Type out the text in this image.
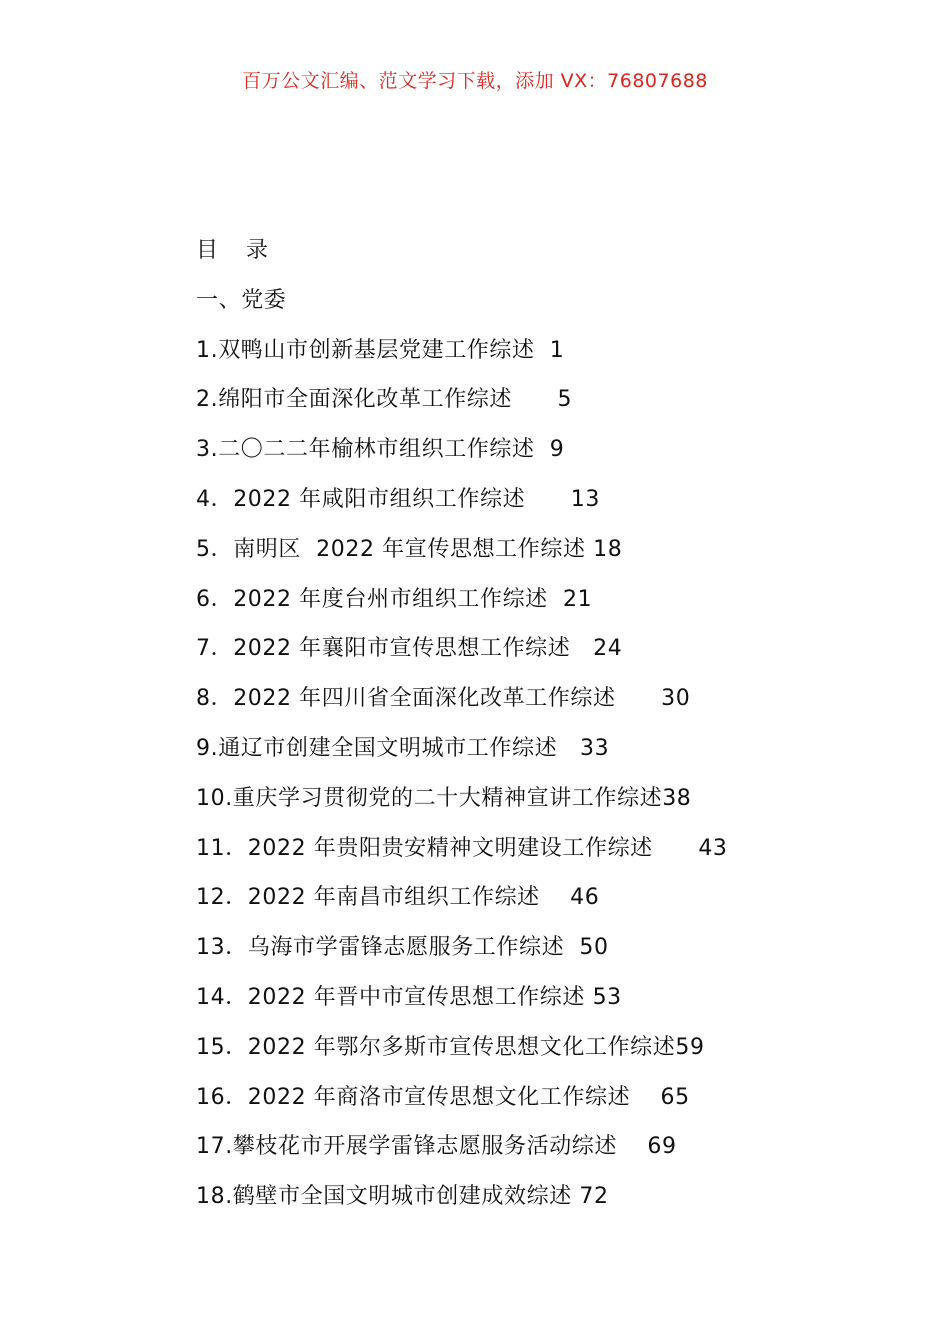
百万公文汇编、范文学习下载，添加 VX：76807688
目    录
一、党委
1.双鸭山市创新基层党建工作综述  1
2.绵阳市全面深化改革工作综述      5
3.二〇二二年榆林市组织工作综述  9
4．2022 年咸阳市组织工作综述      13
5．南明区  2022 年宣传思想工作综述 18
6．2022 年度台州市组织工作综述  21
7．2022 年襄阳市宣传思想工作综述   24
8．2022 年四川省全面深化改革工作综述      30
9.通辽市创建全国文明城市工作综述   33
10.重庆学习贯彻党的二十大精神宣讲工作综述38
11．2022 年贵阳贵安精神文明建设工作综述      43
12．2022 年南昌市组织工作综述    46
13．乌海市学雷锋志愿服务工作综述  50
14．2022 年晋中市宣传思想工作综述 53
15．2022 年鄂尔多斯市宣传思想文化工作综述59
16．2022 年商洛市宣传思想文化工作综述    65
17.攀枝花市开展学雷锋志愿服务活动综述    69
18.鹤壁市全国文明城市创建成效综述 72
